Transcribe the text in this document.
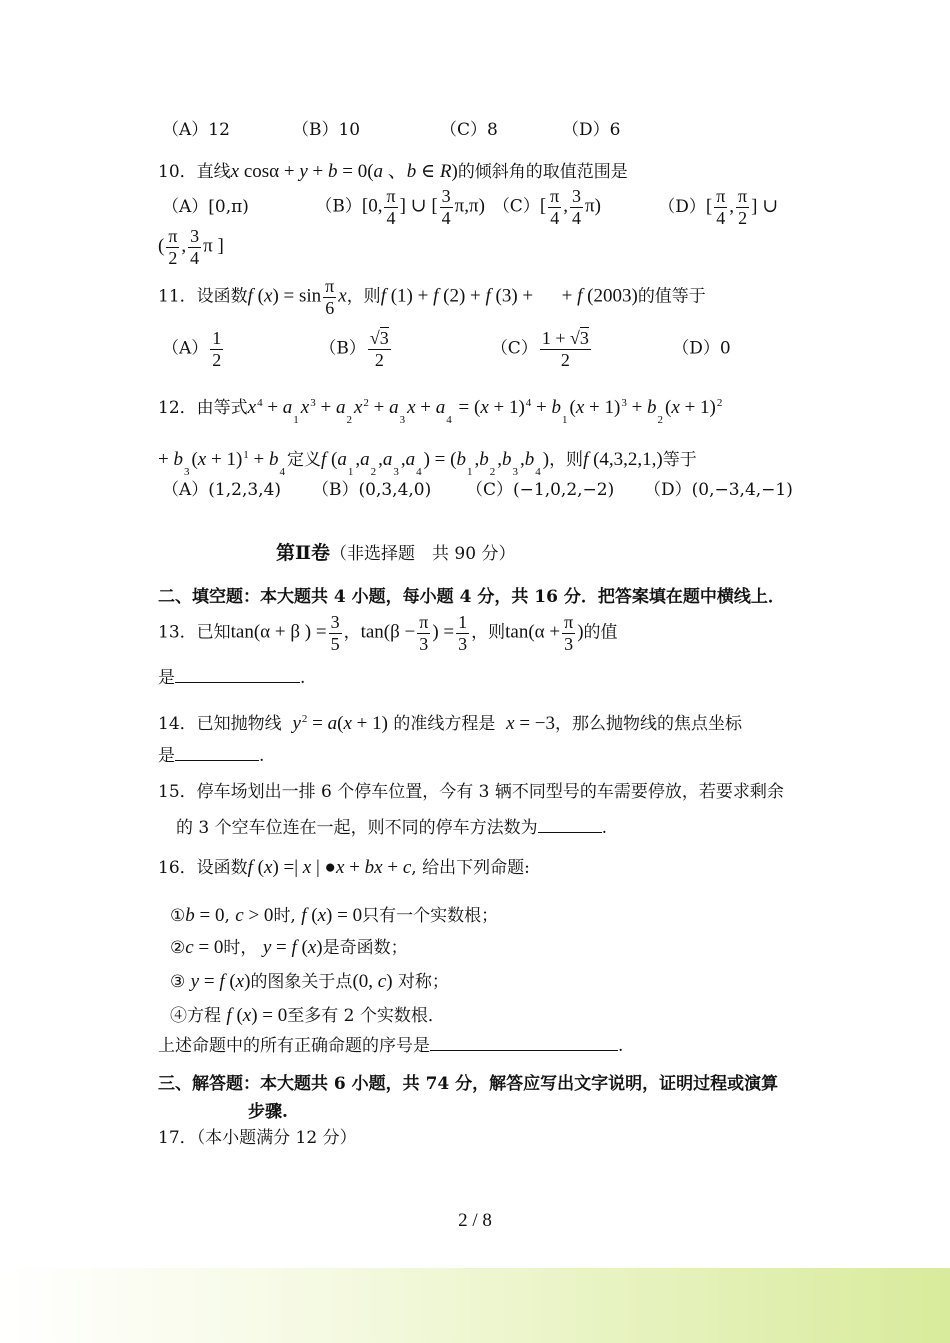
（A）12	（B）10	（C）8	（D）6
10．直线x cosα + y + b = 0(a 、b ∈ R)的倾斜角的取值范围是
（A）[0,π)	（B）[0, $\frac{\pi}{4}$ ] ∪ [ $\frac{3}{4} \pi,\pi$) $(C)[ \frac{\pi}{4}$ , $\frac{3}{4} \pi$)	$(D)[ \frac{\pi}{4}$ , $\frac{\pi}{2}$ ] ∪
( $\frac{\pi}{2}$ , $\frac{3}{4}$ π ]
11．设函数f $(x) = \sin \frac{\pi}{6}$ x，则f (1) + f (2) + f (3) +      + f (2003)的值等于
$(A) \frac{1}{2}$	$(B) \frac{√3}{2}$	$(C) \frac{1 + √3}{2}$	（D）0
12．由等式$x^4 + a_1x^3 + a_2x^2 + a_3x + a_4 = (x + 1)^4 + b_1(x + 1)^3 + b_2(x + 1)^2$
+ $b_3(x + 1)^1 + b_4$定义f $(a_1,a_2,a_3,a_4) = (b_1,b_2,b_3,b_4)$，则f (4,3,2,1,)等于
（A）(1,2,3,4) （B）(0,3,4,0) （C）(−1,0,2,−2) （D）(0,−3,4,−1)
第Ⅱ卷（非选择题　共 90 分）
二、填空题：本大题共 4 小题，每小题 4 分，共 16 分．把答案填在题中横线上．
13．已知tan(α + β ) = $\frac{3}{5}$ ，$\tan(\beta - \frac{\pi}{3}$ ) = $\frac{1}{3}$ ，则$\tan(\alpha + \frac{\pi}{3}$ )的值
是	.
14．已知抛物线 $y^2 = a(x + 1)$ 的准线方程是 x = −3，那么抛物线的焦点坐标
是	.
15．停车场划出一排 6 个停车位置，今有 3 辆不同型号的车需要停放，若要求剩余
的 3 个空车位连在一起，则不同的停车方法数为	.
16．设函数f (x) =| x | ●x + bx + c, 给出下列命题:
①b = 0, c > 0时, f (x) = 0只有一个实数根；
②c = 0时， y = f (x)是奇函数；
③ y = f (x)的图象关于点(0, c) 对称；
④方程 f (x) = 0至多有 2 个实数根．
上述命题中的所有正确命题的序号是	.
三、解答题：本大题共 6 小题，共 74 分，解答应写出文字说明，证明过程或演算
步骤.
17．（本小题满分 12 分）
2 / 8
